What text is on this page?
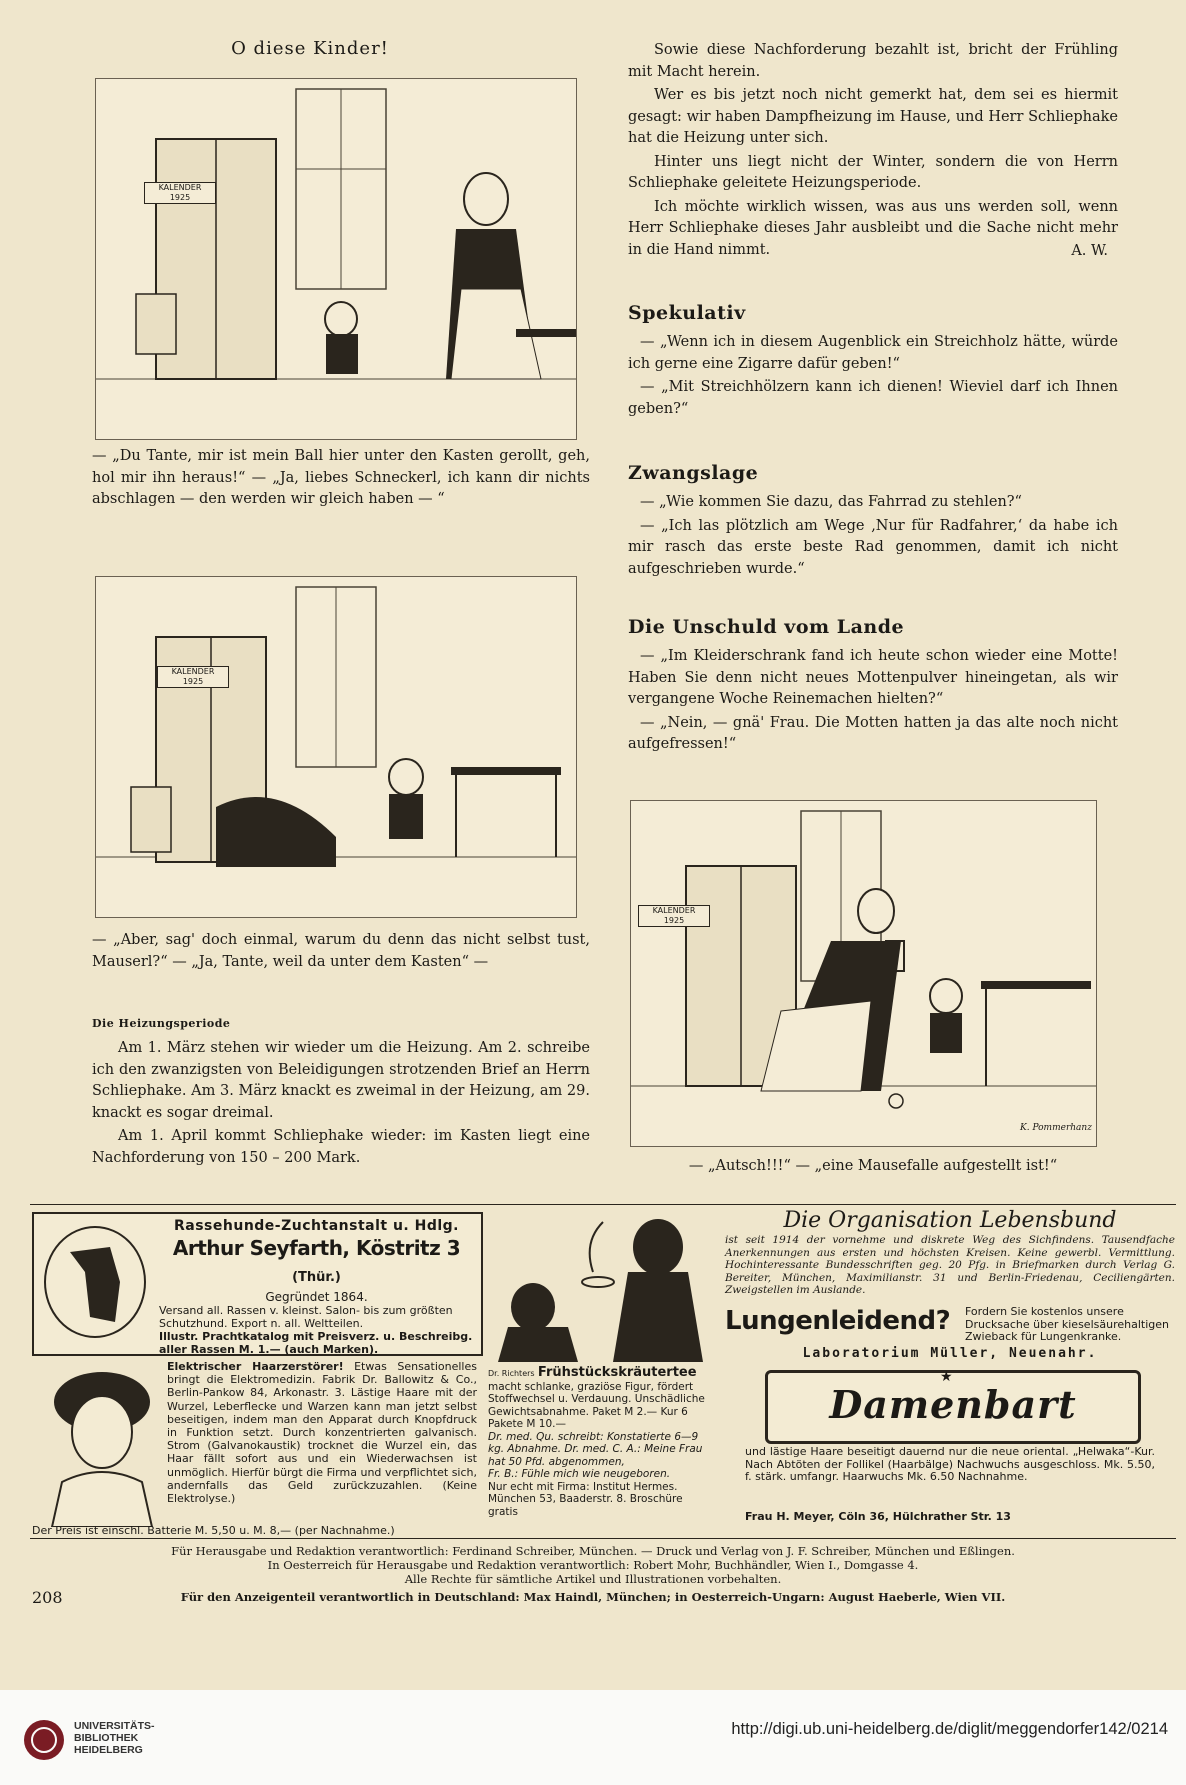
O diese Kinder!
KALENDER
1925
— „Du Tante, mir ist mein Ball hier unter den Kasten gerollt, geh, hol mir ihn heraus!“ — „Ja, liebes Schneckerl, ich kann dir nichts abschlagen — den werden wir gleich haben — “
KALENDER
1925
— „Aber, sag' doch einmal, warum du denn das nicht selbst tust, Mauserl?“ — „Ja, Tante, weil da unter dem Kasten“ —
Die Heizungsperiode

Am 1. März stehen wir wieder um die Heizung. Am 2. schreibe ich den zwanzigsten von Beleidigungen strotzenden Brief an Herrn Schliephake. Am 3. März knackt es zweimal in der Heizung, am 29. knackt es sogar dreimal.

Am 1. April kommt Schliephake wieder: im Kasten liegt eine Nachforderung von 150 – 200 Mark.

Sowie diese Nachforderung bezahlt ist, bricht der Frühling mit Macht herein.

Wer es bis jetzt noch nicht gemerkt hat, dem sei es hiermit gesagt: wir haben Dampfheizung im Hause, und Herr Schliephake hat die Heizung unter sich.

Hinter uns liegt nicht der Winter, sondern die von Herrn Schliephake geleitete Heizungsperiode.

Ich möchte wirklich wissen, was aus uns werden soll, wenn Herr Schliephake dieses Jahr ausbleibt und die Sache nicht mehr in die Hand nimmt.	A. W.
Spekulativ

— „Wenn ich in diesem Augenblick ein Streichholz hätte, würde ich gerne eine Zigarre dafür geben!“

— „Mit Streichhölzern kann ich dienen! Wieviel darf ich Ihnen geben?“

Zwangslage

— „Wie kommen Sie dazu, das Fahrrad zu stehlen?“

— „Ich las plötzlich am Wege ‚Nur für Radfahrer,‘ da habe ich mir rasch das erste beste Rad genommen, damit ich nicht aufgeschrieben wurde.“

Die Unschuld vom Lande

— „Im Kleiderschrank fand ich heute schon wieder eine Motte! Haben Sie denn nicht neues Mottenpulver hineingetan, als wir vergangene Woche Reinemachen hielten?“

— „Nein, — gnä' Frau. Die Motten hatten ja das alte noch nicht aufgefressen!“

KALENDER
1925
K. Pommerhanz
— „Autsch!!!“ — „eine Mausefalle aufgestellt ist!“
Rassehunde-Zuchtanstalt u. Hdlg.
Arthur Seyfarth, Köstritz 3 (Thür.)
Gegründet 1864.
Versand all. Rassen v. kleinst. Salon- bis zum größten Schutzhund. Export n. all. Weltteilen.
Illustr. Prachtkatalog mit Preisverz. u. Beschreibg. aller Rassen M. 1.— (auch Marken).
Elektrischer Haarzerstörer! Etwas Sensationelles bringt die Elektromedizin. Fabrik Dr. Ballowitz & Co., Berlin-Pankow 84, Arkonastr. 3. Lästige Haare mit der Wurzel, Leberflecke und Warzen kann man jetzt selbst beseitigen, indem man den Apparat durch Knopfdruck in Funktion setzt. Durch konzentrierten galvanisch. Strom (Galvanokaustik) trocknet die Wurzel ein, das Haar fällt sofort aus und ein Wiederwachsen ist unmöglich. Hierfür bürgt die Firma und verpflichtet sich, andernfalls das Geld zurückzuzahlen. (Keine Elektrolyse.)
Der Preis ist einschl. Batterie M. 5,50 u. M. 8,— (per Nachnahme.)
Dr. Richters Frühstückskräutertee
macht schlanke, graziöse Figur, fördert Stoffwechsel u. Verdauung. Unschädliche Gewichtsabnahme. Paket M 2.— Kur 6 Pakete M 10.—
Dr. med. Qu. schreibt: Konstatierte 6—9 kg. Abnahme. Dr. med. C. A.: Meine Frau hat 50 Pfd. abgenommen,
Fr. B.: Fühle mich wie neugeboren.
Nur echt mit Firma: Institut Hermes. München 53, Baaderstr. 8. Broschüre gratis
Die Organisation Lebensbund
ist seit 1914 der vornehme und diskrete Weg des Sichfindens. Tausendfache Anerkennungen aus ersten und höchsten Kreisen. Keine gewerbl. Vermittlung. Hochinteressante Bundesschriften geg. 20 Pfg. in Briefmarken durch Verlag G. Bereiter, München, Maximilianstr. 31 und Berlin-Friedenau, Ceciliengärten. Zweigstellen im Auslande.
Lungenleidend? Fordern Sie kostenlos unsere Drucksache über kieselsäurehaltigen Zwieback für Lungenkranke.
Laboratorium Müller, Neuenahr.
★
Damenbart
und lästige Haare beseitigt dauernd nur die neue oriental. „Helwaka“-Kur. Nach Abtöten der Follikel (Haarbälge) Nachwuchs ausgeschloss. Mk. 5.50, f. stärk. umfangr. Haarwuchs Mk. 6.50 Nachnahme.
Frau H. Meyer, Cöln 36, Hülchrather Str. 13
Für Herausgabe und Redaktion verantwortlich: Ferdinand Schreiber, München. — Druck und Verlag von J. F. Schreiber, München und Eßlingen.
In Oesterreich für Herausgabe und Redaktion verantwortlich: Robert Mohr, Buchhändler, Wien I., Domgasse 4.
Alle Rechte für sämtliche Artikel und Illustrationen vorbehalten.
208	Für den Anzeigenteil verantwortlich in Deutschland: Max Haindl, München; in Oesterreich-Ungarn: August Haeberle, Wien VII.
UNIVERSITÄTS-
BIBLIOTHEK
HEIDELBERG
http://digi.ub.uni-heidelberg.de/diglit/meggendorfer142/0214
